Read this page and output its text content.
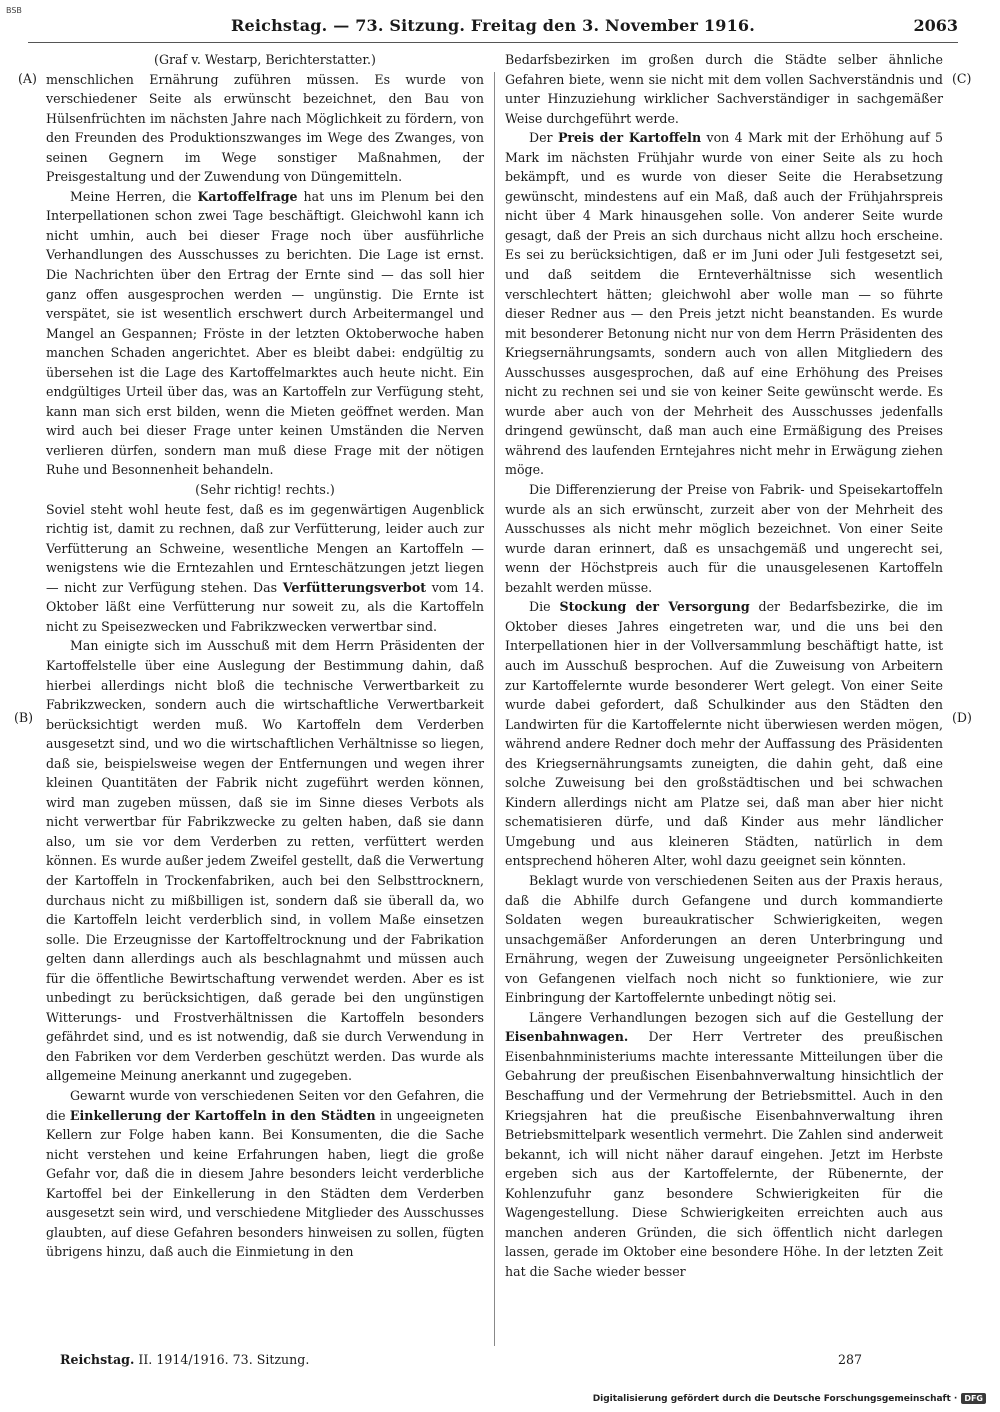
BSB
Reichstag. — 73. Sitzung. Freitag den 3. November 1916.	2063
(A)
(B)
(C)
(D)

(Graf v. Westarp, Berichterstatter.)

menschlichen Ernährung zuführen müssen. Es wurde von verschiedener Seite als erwünscht bezeichnet, den Bau von Hülsenfrüchten im nächsten Jahre nach Möglichkeit zu fördern, von den Freunden des Produktionszwanges im Wege des Zwanges, von seinen Gegnern im Wege sonstiger Maßnahmen, der Preisgestaltung und der Zuwendung von Düngemitteln.

Meine Herren, die Kartoffelfrage hat uns im Plenum bei den Interpellationen schon zwei Tage beschäftigt. Gleichwohl kann ich nicht umhin, auch bei dieser Frage noch über ausführliche Verhandlungen des Ausschusses zu berichten. Die Lage ist ernst. Die Nachrichten über den Ertrag der Ernte sind — das soll hier ganz offen ausgesprochen werden — ungünstig. Die Ernte ist verspätet, sie ist wesentlich erschwert durch Arbeitermangel und Mangel an Gespannen; Fröste in der letzten Oktoberwoche haben manchen Schaden angerichtet. Aber es bleibt dabei: endgültig zu übersehen ist die Lage des Kartoffelmarktes auch heute nicht. Ein endgültiges Urteil über das, was an Kartoffeln zur Verfügung steht, kann man sich erst bilden, wenn die Mieten geöffnet werden. Man wird auch bei dieser Frage unter keinen Umständen die Nerven verlieren dürfen, sondern man muß diese Frage mit der nötigen Ruhe und Besonnenheit behandeln.

(Sehr richtig! rechts.)

Soviel steht wohl heute fest, daß es im gegenwärtigen Augenblick richtig ist, damit zu rechnen, daß zur Verfütterung, leider auch zur Verfütterung an Schweine, wesentliche Mengen an Kartoffeln — wenigstens wie die Erntezahlen und Ernteschätzungen jetzt liegen — nicht zur Verfügung stehen. Das Verfütterungsverbot vom 14. Oktober läßt eine Verfütterung nur soweit zu, als die Kartoffeln nicht zu Speisezwecken und Fabrikzwecken verwertbar sind.

Man einigte sich im Ausschuß mit dem Herrn Präsidenten der Kartoffelstelle über eine Auslegung der Bestimmung dahin, daß hierbei allerdings nicht bloß die technische Verwertbarkeit zu Fabrikzwecken, sondern auch die wirtschaftliche Verwertbarkeit berücksichtigt werden muß. Wo Kartoffeln dem Verderben ausgesetzt sind, und wo die wirtschaftlichen Verhältnisse so liegen, daß sie, beispielsweise wegen der Entfernungen und wegen ihrer kleinen Quantitäten der Fabrik nicht zugeführt werden können, wird man zugeben müssen, daß sie im Sinne dieses Verbots als nicht verwertbar für Fabrikzwecke zu gelten haben, daß sie dann also, um sie vor dem Verderben zu retten, verfüttert werden können. Es wurde außer jedem Zweifel gestellt, daß die Verwertung der Kartoffeln in Trockenfabriken, auch bei den Selbsttrocknern, durchaus nicht zu mißbilligen ist, sondern daß sie überall da, wo die Kartoffeln leicht verderblich sind, in vollem Maße einsetzen solle. Die Erzeugnisse der Kartoffeltrocknung und der Fabrikation gelten dann allerdings auch als beschlagnahmt und müssen auch für die öffentliche Bewirtschaftung verwendet werden. Aber es ist unbedingt zu berücksichtigen, daß gerade bei den ungünstigen Witterungs- und Frostverhältnissen die Kartoffeln besonders gefährdet sind, und es ist notwendig, daß sie durch Verwendung in den Fabriken vor dem Verderben geschützt werden. Das wurde als allgemeine Meinung anerkannt und zugegeben.

Gewarnt wurde von verschiedenen Seiten vor den Gefahren, die die Einkellerung der Kartoffeln in den Städten in ungeeigneten Kellern zur Folge haben kann. Bei Konsumenten, die die Sache nicht verstehen und keine Erfahrungen haben, liegt die große Gefahr vor, daß die in diesem Jahre besonders leicht verderbliche Kartoffel bei der Einkellerung in den Städten dem Verderben ausgesetzt sein wird, und verschiedene Mitglieder des Ausschusses glaubten, auf diese Gefahren besonders hinweisen zu sollen, fügten übrigens hinzu, daß auch die Einmietung in den

Bedarfsbezirken im großen durch die Städte selber ähnliche Gefahren biete, wenn sie nicht mit dem vollen Sachverständnis und unter Hinzuziehung wirklicher Sachverständiger in sachgemäßer Weise durchgeführt werde.

Der Preis der Kartoffeln von 4 Mark mit der Erhöhung auf 5 Mark im nächsten Frühjahr wurde von einer Seite als zu hoch bekämpft, und es wurde von dieser Seite die Herabsetzung gewünscht, mindestens auf ein Maß, daß auch der Frühjahrspreis nicht über 4 Mark hinausgehen solle. Von anderer Seite wurde gesagt, daß der Preis an sich durchaus nicht allzu hoch erscheine. Es sei zu berücksichtigen, daß er im Juni oder Juli festgesetzt sei, und daß seitdem die Ernteverhältnisse sich wesentlich verschlechtert hätten; gleichwohl aber wolle man — so führte dieser Redner aus — den Preis jetzt nicht beanstanden. Es wurde mit besonderer Betonung nicht nur von dem Herrn Präsidenten des Kriegsernährungsamts, sondern auch von allen Mitgliedern des Ausschusses ausgesprochen, daß auf eine Erhöhung des Preises nicht zu rechnen sei und sie von keiner Seite gewünscht werde. Es wurde aber auch von der Mehrheit des Ausschusses jedenfalls dringend gewünscht, daß man auch eine Ermäßigung des Preises während des laufenden Erntejahres nicht mehr in Erwägung ziehen möge.

Die Differenzierung der Preise von Fabrik- und Speisekartoffeln wurde als an sich erwünscht, zurzeit aber von der Mehrheit des Ausschusses als nicht mehr möglich bezeichnet. Von einer Seite wurde daran erinnert, daß es unsachgemäß und ungerecht sei, wenn der Höchstpreis auch für die unausgelesenen Kartoffeln bezahlt werden müsse.

Die Stockung der Versorgung der Bedarfsbezirke, die im Oktober dieses Jahres eingetreten war, und die uns bei den Interpellationen hier in der Vollversammlung beschäftigt hatte, ist auch im Ausschuß besprochen. Auf die Zuweisung von Arbeitern zur Kartoffelernte wurde besonderer Wert gelegt. Von einer Seite wurde dabei gefordert, daß Schulkinder aus den Städten den Landwirten für die Kartoffelernte nicht überwiesen werden mögen, während andere Redner doch mehr der Auffassung des Präsidenten des Kriegsernährungsamts zuneigten, die dahin geht, daß eine solche Zuweisung bei den großstädtischen und bei schwachen Kindern allerdings nicht am Platze sei, daß man aber hier nicht schematisieren dürfe, und daß Kinder aus mehr ländlicher Umgebung und aus kleineren Städten, natürlich in dem entsprechend höheren Alter, wohl dazu geeignet sein könnten.

Beklagt wurde von verschiedenen Seiten aus der Praxis heraus, daß die Abhilfe durch Gefangene und durch kommandierte Soldaten wegen bureaukratischer Schwierigkeiten, wegen unsachgemäßer Anforderungen an deren Unterbringung und Ernährung, wegen der Zuweisung ungeeigneter Persönlichkeiten von Gefangenen vielfach noch nicht so funktioniere, wie zur Einbringung der Kartoffelernte unbedingt nötig sei.

Längere Verhandlungen bezogen sich auf die Gestellung der Eisenbahnwagen. Der Herr Vertreter des preußischen Eisenbahnministeriums machte interessante Mitteilungen über die Gebahrung der preußischen Eisenbahnverwaltung hinsichtlich der Beschaffung und der Vermehrung der Betriebsmittel. Auch in den Kriegsjahren hat die preußische Eisenbahnverwaltung ihren Betriebsmittelpark wesentlich vermehrt. Die Zahlen sind anderweit bekannt, ich will nicht näher darauf eingehen. Jetzt im Herbste ergeben sich aus der Kartoffelernte, der Rübenernte, der Kohlenzufuhr ganz besondere Schwierigkeiten für die Wagengestellung. Diese Schwierigkeiten erreichten auch aus manchen anderen Gründen, die sich öffentlich nicht darlegen lassen, gerade im Oktober eine besondere Höhe. In der letzten Zeit hat die Sache wieder besser

Reichstag. II. 1914/1916. 73. Sitzung.	287
Digitalisierung gefördert durch die Deutsche Forschungsgemeinschaft · DFG
